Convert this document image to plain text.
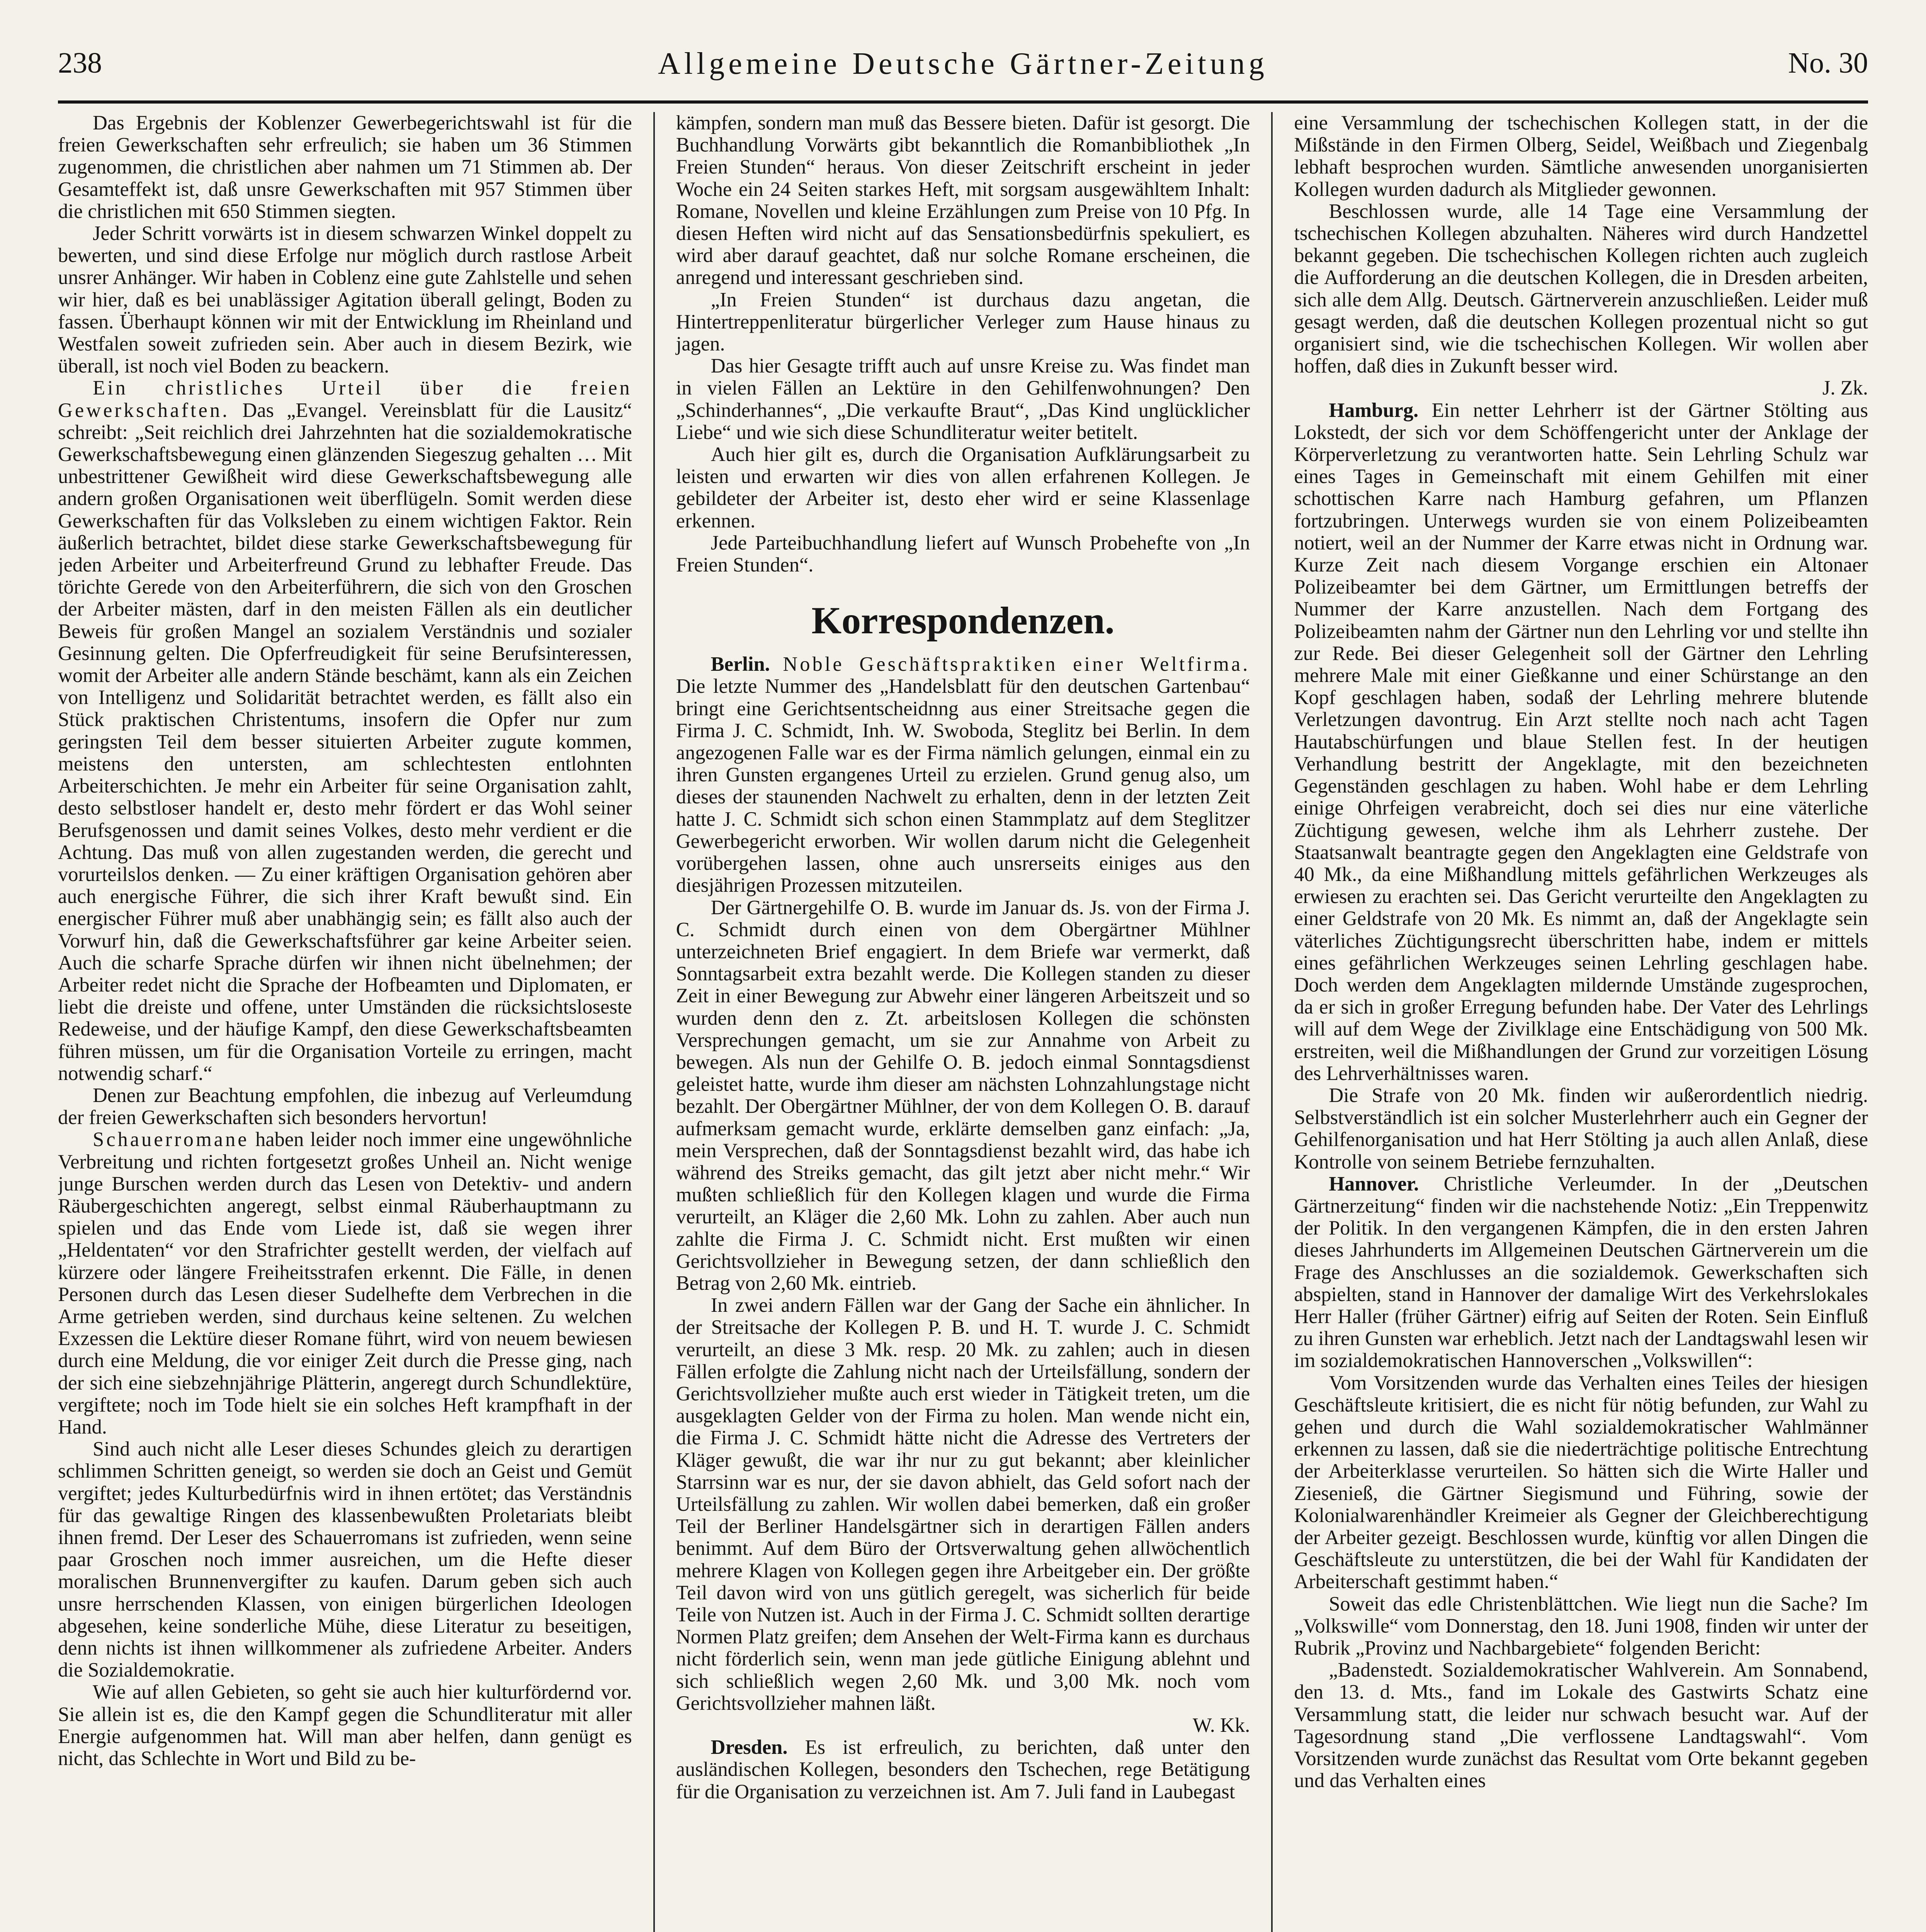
238	Allgemeine Deutsche Gärtner-Zeitung	No. 30

Das Ergebnis der Koblenzer Gewerbegerichtswahl ist für die freien Gewerkschaften sehr erfreulich; sie haben um 36 Stimmen zugenommen, die christlichen aber nahmen um 71 Stimmen ab. Der Gesamteffekt ist, daß unsre Gewerkschaften mit 957 Stimmen über die christlichen mit 650 Stimmen siegten.

Jeder Schritt vorwärts ist in diesem schwarzen Winkel doppelt zu bewerten, und sind diese Erfolge nur möglich durch rastlose Arbeit unsrer Anhänger. Wir haben in Coblenz eine gute Zahlstelle und sehen wir hier, daß es bei unablässiger Agitation überall gelingt, Boden zu fassen. Überhaupt können wir mit der Entwicklung im Rheinland und Westfalen soweit zufrieden sein. Aber auch in diesem Bezirk, wie überall, ist noch viel Boden zu beackern.

Ein christliches Urteil über die freien Gewerkschaften. Das „Evangel. Vereinsblatt für die Lausitz“ schreibt: „Seit reichlich drei Jahrzehnten hat die sozialdemokratische Gewerkschaftsbewegung einen glänzenden Siegeszug gehalten … Mit unbestrittener Gewißheit wird diese Gewerkschaftsbewegung alle andern großen Organisationen weit überflügeln. Somit werden diese Gewerkschaften für das Volksleben zu einem wichtigen Faktor. Rein äußerlich betrachtet, bildet diese starke Gewerkschaftsbewegung für jeden Arbeiter und Arbeiterfreund Grund zu lebhafter Freude. Das törichte Gerede von den Arbeiterführern, die sich von den Groschen der Arbeiter mästen, darf in den meisten Fällen als ein deutlicher Beweis für großen Mangel an sozialem Verständnis und sozialer Gesinnung gelten. Die Opferfreudigkeit für seine Berufsinteressen, womit der Arbeiter alle andern Stände beschämt, kann als ein Zeichen von Intelligenz und Solidarität betrachtet werden, es fällt also ein Stück praktischen Christentums, insofern die Opfer nur zum geringsten Teil dem besser situierten Arbeiter zugute kommen, meistens den untersten, am schlechtesten entlohnten Arbeiterschichten. Je mehr ein Arbeiter für seine Organisation zahlt, desto selbstloser handelt er, desto mehr fördert er das Wohl seiner Berufsgenossen und damit seines Volkes, desto mehr verdient er die Achtung. Das muß von allen zugestanden werden, die gerecht und vorurteilslos denken. — Zu einer kräftigen Organisation gehören aber auch energische Führer, die sich ihrer Kraft bewußt sind. Ein energischer Führer muß aber unabhängig sein; es fällt also auch der Vorwurf hin, daß die Gewerkschaftsführer gar keine Arbeiter seien. Auch die scharfe Sprache dürfen wir ihnen nicht übelnehmen; der Arbeiter redet nicht die Sprache der Hofbeamten und Diplomaten, er liebt die dreiste und offene, unter Umständen die rücksichtsloseste Redeweise, und der häufige Kampf, den diese Gewerkschaftsbeamten führen müssen, um für die Organisation Vorteile zu erringen, macht notwendig scharf.“

Denen zur Beachtung empfohlen, die inbezug auf Verleumdung der freien Gewerkschaften sich besonders hervortun!

Schauerromane haben leider noch immer eine ungewöhnliche Verbreitung und richten fortgesetzt großes Unheil an. Nicht wenige junge Burschen werden durch das Lesen von Detektiv- und andern Räubergeschichten angeregt, selbst einmal Räuberhauptmann zu spielen und das Ende vom Liede ist, daß sie wegen ihrer „Heldentaten“ vor den Strafrichter gestellt werden, der vielfach auf kürzere oder längere Freiheitsstrafen erkennt. Die Fälle, in denen Personen durch das Lesen dieser Sudelhefte dem Verbrechen in die Arme getrieben werden, sind durchaus keine seltenen. Zu welchen Exzessen die Lektüre dieser Romane führt, wird von neuem bewiesen durch eine Meldung, die vor einiger Zeit durch die Presse ging, nach der sich eine siebzehnjährige Plätterin, angeregt durch Schundlektüre, vergiftete; noch im Tode hielt sie ein solches Heft krampfhaft in der Hand.

Sind auch nicht alle Leser dieses Schundes gleich zu derartigen schlimmen Schritten geneigt, so werden sie doch an Geist und Gemüt vergiftet; jedes Kulturbedürfnis wird in ihnen ertötet; das Verständnis für das gewaltige Ringen des klassenbewußten Proletariats bleibt ihnen fremd. Der Leser des Schauerromans ist zufrieden, wenn seine paar Groschen noch immer ausreichen, um die Hefte dieser moralischen Brunnenvergifter zu kaufen. Darum geben sich auch unsre herrschenden Klassen, von einigen bürgerlichen Ideologen abgesehen, keine sonderliche Mühe, diese Literatur zu beseitigen, denn nichts ist ihnen willkommener als zufriedene Arbeiter. Anders die Sozialdemokratie.

Wie auf allen Gebieten, so geht sie auch hier kulturfördernd vor. Sie allein ist es, die den Kampf gegen die Schundliteratur mit aller Energie aufgenommen hat. Will man aber helfen, dann genügt es nicht, das Schlechte in Wort und Bild zu be-

kämpfen, sondern man muß das Bessere bieten. Dafür ist gesorgt. Die Buchhandlung Vorwärts gibt bekanntlich die Romanbibliothek „In Freien Stunden“ heraus. Von dieser Zeitschrift erscheint in jeder Woche ein 24 Seiten starkes Heft, mit sorgsam ausgewähltem Inhalt: Romane, Novellen und kleine Erzählungen zum Preise von 10 Pfg. In diesen Heften wird nicht auf das Sensationsbedürfnis spekuliert, es wird aber darauf geachtet, daß nur solche Romane erscheinen, die anregend und interessant geschrieben sind.

„In Freien Stunden“ ist durchaus dazu angetan, die Hintertreppenliteratur bürgerlicher Verleger zum Hause hinaus zu jagen.

Das hier Gesagte trifft auch auf unsre Kreise zu. Was findet man in vielen Fällen an Lektüre in den Gehilfenwohnungen? Den „Schinderhannes“, „Die verkaufte Braut“, „Das Kind unglücklicher Liebe“ und wie sich diese Schundliteratur weiter betitelt.

Auch hier gilt es, durch die Organisation Aufklärungsarbeit zu leisten und erwarten wir dies von allen erfahrenen Kollegen. Je gebildeter der Arbeiter ist, desto eher wird er seine Klassenlage erkennen.

Jede Parteibuchhandlung liefert auf Wunsch Probehefte von „In Freien Stunden“.

Korrespondenzen.

Berlin. Noble Geschäftspraktiken einer Weltfirma. Die letzte Nummer des „Handelsblatt für den deutschen Gartenbau“ bringt eine Gerichtsentscheidnng aus einer Streitsache gegen die Firma J. C. Schmidt, Inh. W. Swoboda, Steglitz bei Berlin. In dem angezogenen Falle war es der Firma nämlich gelungen, einmal ein zu ihren Gunsten ergangenes Urteil zu erzielen. Grund genug also, um dieses der staunenden Nachwelt zu erhalten, denn in der letzten Zeit hatte J. C. Schmidt sich schon einen Stammplatz auf dem Steglitzer Gewerbegericht erworben. Wir wollen darum nicht die Gelegenheit vorübergehen lassen, ohne auch unsrerseits einiges aus den diesjährigen Prozessen mitzuteilen.

Der Gärtnergehilfe O. B. wurde im Januar ds. Js. von der Firma J. C. Schmidt durch einen von dem Obergärtner Mühlner unterzeichneten Brief engagiert. In dem Briefe war vermerkt, daß Sonntagsarbeit extra bezahlt werde. Die Kollegen standen zu dieser Zeit in einer Bewegung zur Abwehr einer längeren Arbeitszeit und so wurden denn den z. Zt. arbeitslosen Kollegen die schönsten Versprechungen gemacht, um sie zur Annahme von Arbeit zu bewegen. Als nun der Gehilfe O. B. jedoch einmal Sonntagsdienst geleistet hatte, wurde ihm dieser am nächsten Lohnzahlungstage nicht bezahlt. Der Obergärtner Mühlner, der von dem Kollegen O. B. darauf aufmerksam gemacht wurde, erklärte demselben ganz einfach: „Ja, mein Versprechen, daß der Sonntagsdienst bezahlt wird, das habe ich während des Streiks gemacht, das gilt jetzt aber nicht mehr.“ Wir mußten schließlich für den Kollegen klagen und wurde die Firma verurteilt, an Kläger die 2,60 Mk. Lohn zu zahlen. Aber auch nun zahlte die Firma J. C. Schmidt nicht. Erst mußten wir einen Gerichtsvollzieher in Bewegung setzen, der dann schließlich den Betrag von 2,60 Mk. eintrieb.

In zwei andern Fällen war der Gang der Sache ein ähnlicher. In der Streitsache der Kollegen P. B. und H. T. wurde J. C. Schmidt verurteilt, an diese 3 Mk. resp. 20 Mk. zu zahlen; auch in diesen Fällen erfolgte die Zahlung nicht nach der Urteilsfällung, sondern der Gerichtsvollzieher mußte auch erst wieder in Tätigkeit treten, um die ausgeklagten Gelder von der Firma zu holen. Man wende nicht ein, die Firma J. C. Schmidt hätte nicht die Adresse des Vertreters der Kläger gewußt, die war ihr nur zu gut bekannt; aber kleinlicher Starrsinn war es nur, der sie davon abhielt, das Geld sofort nach der Urteilsfällung zu zahlen. Wir wollen dabei bemerken, daß ein großer Teil der Berliner Handelsgärtner sich in derartigen Fällen anders benimmt. Auf dem Büro der Ortsverwaltung gehen allwöchentlich mehrere Klagen von Kollegen gegen ihre Arbeitgeber ein. Der größte Teil davon wird von uns gütlich geregelt, was sicherlich für beide Teile von Nutzen ist. Auch in der Firma J. C. Schmidt sollten derartige Normen Platz greifen; dem Ansehen der Welt-Firma kann es durchaus nicht förderlich sein, wenn man jede gütliche Einigung ablehnt und sich schließlich wegen 2,60 Mk. und 3,00 Mk. noch vom Gerichtsvollzieher mahnen läßt.
W. Kk.

Dresden. Es ist erfreulich, zu berichten, daß unter den ausländischen Kollegen, besonders den Tschechen, rege Betätigung für die Organisation zu verzeichnen ist. Am 7. Juli fand in Laubegast

eine Versammlung der tschechischen Kollegen statt, in der die Mißstände in den Firmen Olberg, Seidel, Weißbach und Ziegenbalg lebhaft besprochen wurden. Sämtliche anwesenden unorganisierten Kollegen wurden dadurch als Mitglieder gewonnen.

Beschlossen wurde, alle 14 Tage eine Versammlung der tschechischen Kollegen abzuhalten. Näheres wird durch Handzettel bekannt gegeben. Die tschechischen Kollegen richten auch zugleich die Aufforderung an die deutschen Kollegen, die in Dresden arbeiten, sich alle dem Allg. Deutsch. Gärtnerverein anzuschließen. Leider muß gesagt werden, daß die deutschen Kollegen prozentual nicht so gut organisiert sind, wie die tschechischen Kollegen. Wir wollen aber hoffen, daß dies in Zukunft besser wird.
J. Zk.

Hamburg. Ein netter Lehrherr ist der Gärtner Stölting aus Lokstedt, der sich vor dem Schöffengericht unter der Anklage der Körperverletzung zu verantworten hatte. Sein Lehrling Schulz war eines Tages in Gemeinschaft mit einem Gehilfen mit einer schottischen Karre nach Hamburg gefahren, um Pflanzen fortzubringen. Unterwegs wurden sie von einem Polizeibeamten notiert, weil an der Nummer der Karre etwas nicht in Ordnung war. Kurze Zeit nach diesem Vorgange erschien ein Altonaer Polizeibeamter bei dem Gärtner, um Ermittlungen betreffs der Nummer der Karre anzustellen. Nach dem Fortgang des Polizeibeamten nahm der Gärtner nun den Lehrling vor und stellte ihn zur Rede. Bei dieser Gelegenheit soll der Gärtner den Lehrling mehrere Male mit einer Gießkanne und einer Schürstange an den Kopf geschlagen haben, sodaß der Lehrling mehrere blutende Verletzungen davontrug. Ein Arzt stellte noch nach acht Tagen Hautabschürfungen und blaue Stellen fest. In der heutigen Verhandlung bestritt der Angeklagte, mit den bezeichneten Gegenständen geschlagen zu haben. Wohl habe er dem Lehrling einige Ohrfeigen verabreicht, doch sei dies nur eine väterliche Züchtigung gewesen, welche ihm als Lehrherr zustehe. Der Staatsanwalt beantragte gegen den Angeklagten eine Geldstrafe von 40 Mk., da eine Mißhandlung mittels gefährlichen Werkzeuges als erwiesen zu erachten sei. Das Gericht verurteilte den Angeklagten zu einer Geldstrafe von 20 Mk. Es nimmt an, daß der Angeklagte sein väterliches Züchtigungsrecht überschritten habe, indem er mittels eines gefährlichen Werkzeuges seinen Lehrling geschlagen habe. Doch werden dem Angeklagten mildernde Umstände zugesprochen, da er sich in großer Erregung befunden habe. Der Vater des Lehrlings will auf dem Wege der Zivilklage eine Entschädigung von 500 Mk. erstreiten, weil die Mißhandlungen der Grund zur vorzeitigen Lösung des Lehrverhältnisses waren.

Die Strafe von 20 Mk. finden wir außerordentlich niedrig. Selbstverständlich ist ein solcher Musterlehrherr auch ein Gegner der Gehilfenorganisation und hat Herr Stölting ja auch allen Anlaß, diese Kontrolle von seinem Betriebe fernzuhalten.

Hannover. Christliche Verleumder. In der „Deutschen Gärtnerzeitung“ finden wir die nachstehende Notiz: „Ein Treppenwitz der Politik. In den vergangenen Kämpfen, die in den ersten Jahren dieses Jahrhunderts im Allgemeinen Deutschen Gärtnerverein um die Frage des Anschlusses an die sozialdemok. Gewerkschaften sich abspielten, stand in Hannover der damalige Wirt des Verkehrslokales Herr Haller (früher Gärtner) eifrig auf Seiten der Roten. Sein Einfluß zu ihren Gunsten war erheblich. Jetzt nach der Landtagswahl lesen wir im sozialdemokratischen Hannoverschen „Volkswillen“:

Vom Vorsitzenden wurde das Verhalten eines Teiles der hiesigen Geschäftsleute kritisiert, die es nicht für nötig befunden, zur Wahl zu gehen und durch die Wahl sozialdemokratischer Wahlmänner erkennen zu lassen, daß sie die niederträchtige politische Entrechtung der Arbeiterklasse verurteilen. So hätten sich die Wirte Haller und Ziesenieß, die Gärtner Siegismund und Führing, sowie der Kolonialwarenhändler Kreimeier als Gegner der Gleichberechtigung der Arbeiter gezeigt. Beschlossen wurde, künftig vor allen Dingen die Geschäftsleute zu unterstützen, die bei der Wahl für Kandidaten der Arbeiterschaft gestimmt haben.“

Soweit das edle Christenblättchen. Wie liegt nun die Sache? Im „Volkswille“ vom Donnerstag, den 18. Juni 1908, finden wir unter der Rubrik „Provinz und Nachbargebiete“ folgenden Bericht:

„Badenstedt. Sozialdemokratischer Wahlverein. Am Sonnabend, den 13. d. Mts., fand im Lokale des Gastwirts Schatz eine Versammlung statt, die leider nur schwach besucht war. Auf der Tagesordnung stand „Die verflossene Landtagswahl“. Vom Vorsitzenden wurde zunächst das Resultat vom Orte bekannt gegeben und das Verhalten eines
